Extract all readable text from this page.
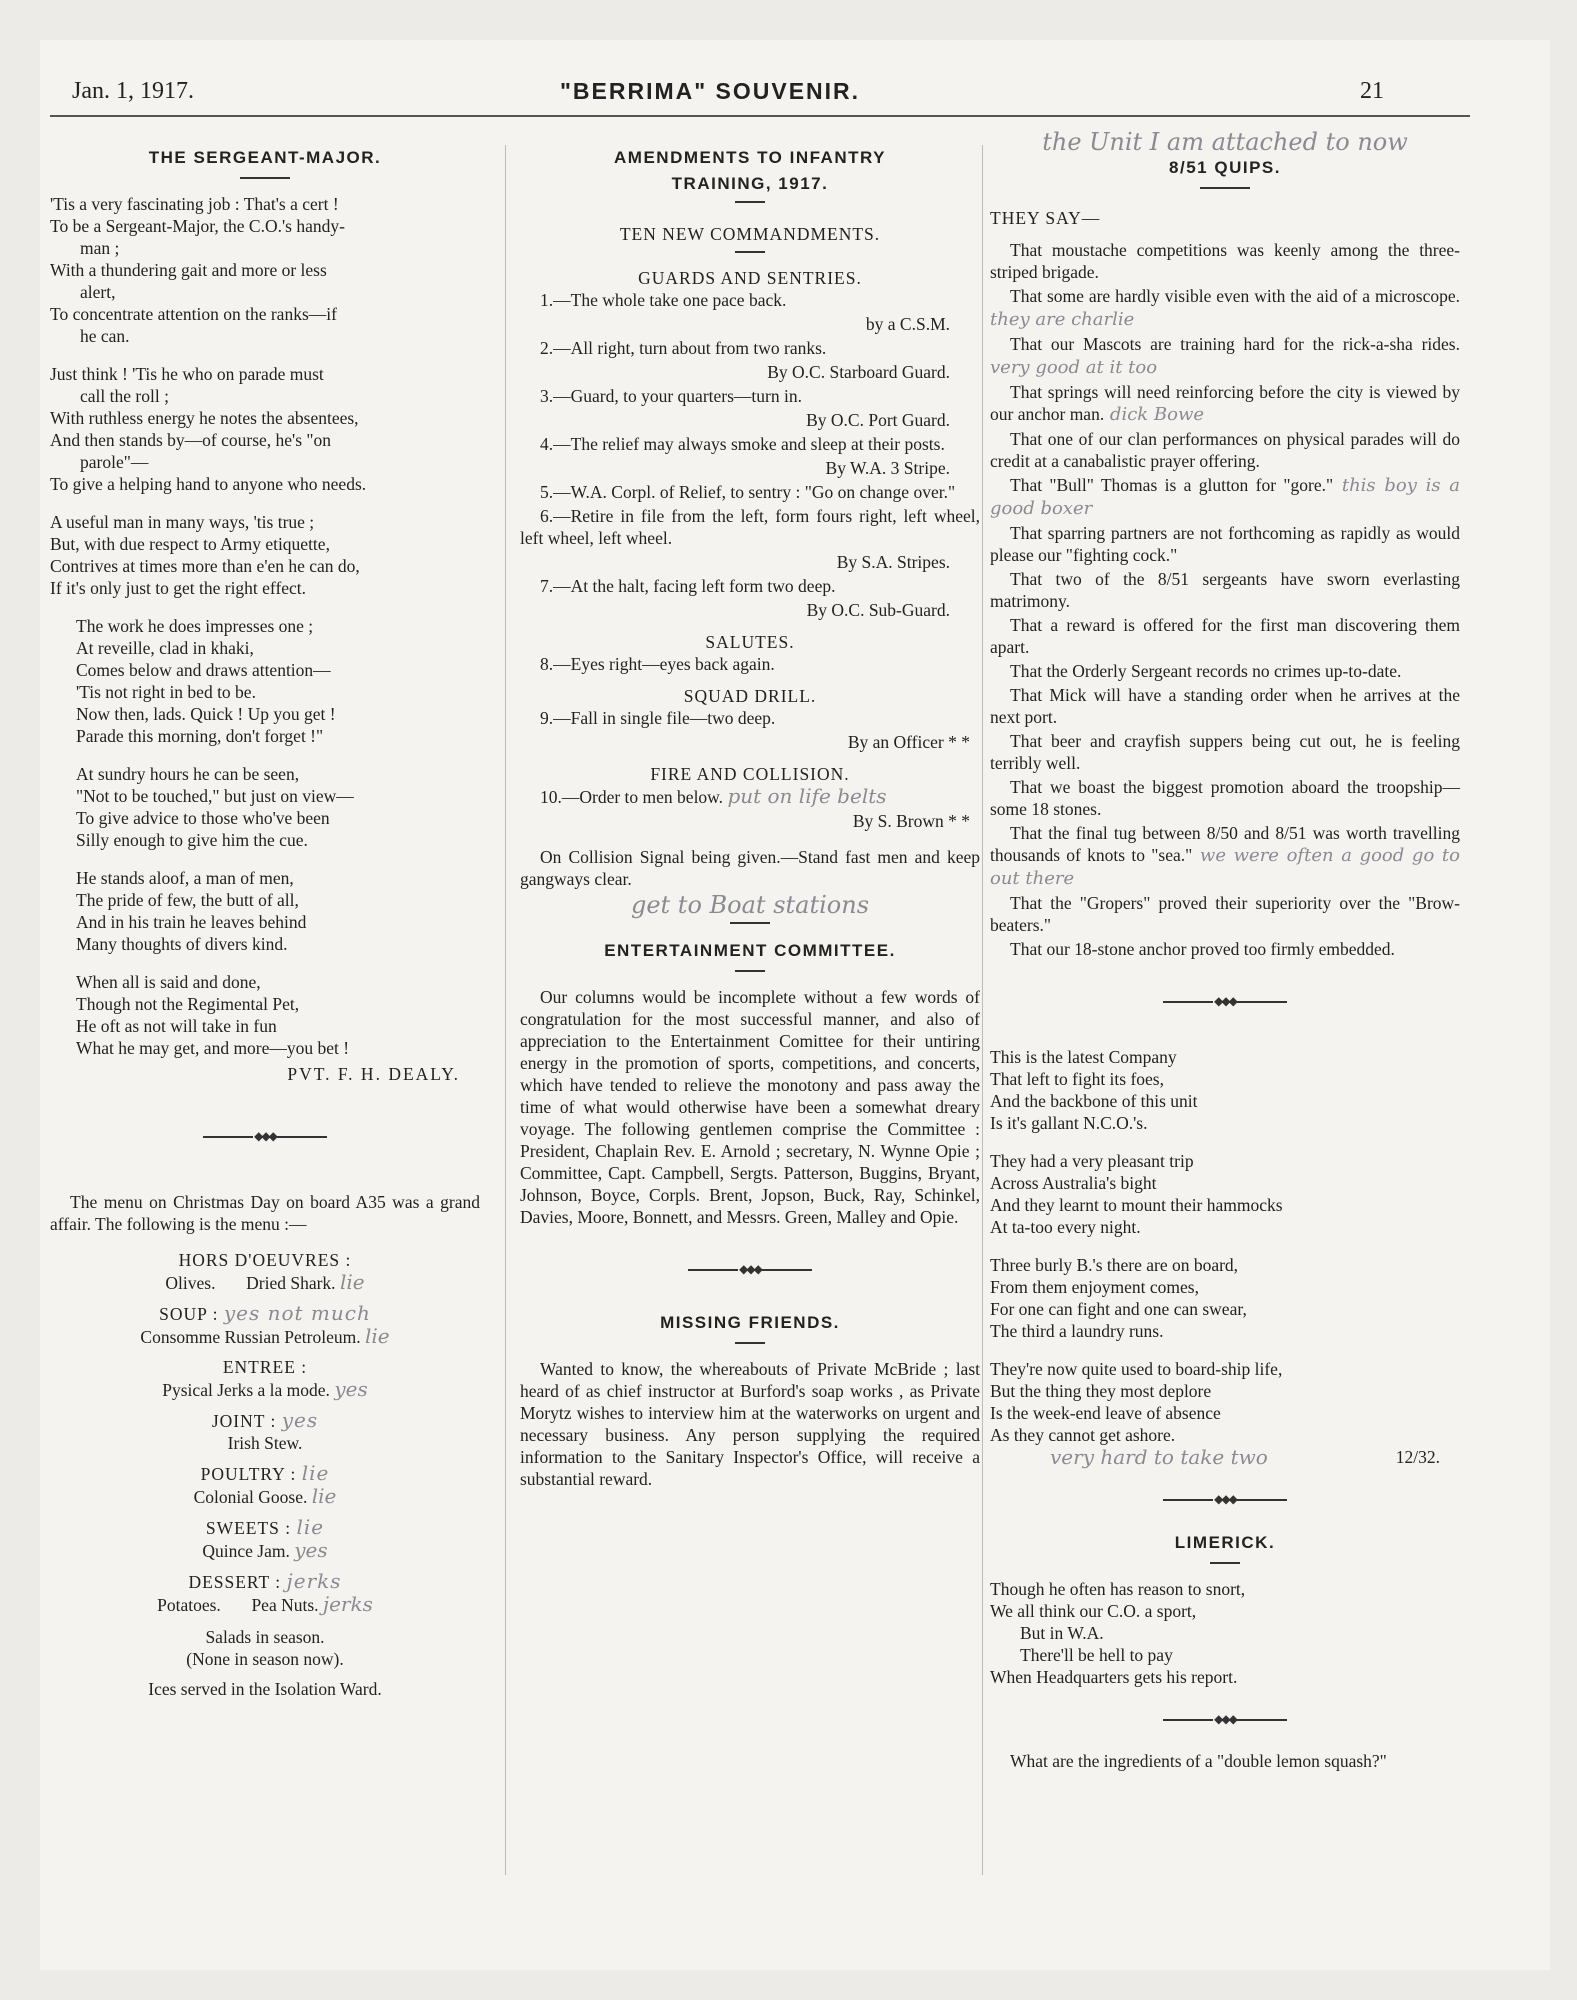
Jan. 1, 1917.	"BERRIMA" SOUVENIR.	21
THE SERGEANT-MAJOR.
'Tis a very fascinating job : That's a cert !
To be a Sergeant-Major, the C.O.'s handy-
man ;
With a thundering gait and more or less
alert,
To concentrate attention on the ranks—if
he can.
Just think ! 'Tis he who on parade must
call the roll ;
With ruthless energy he notes the absentees,
And then stands by—of course, he's "on
parole"—
To give a helping hand to anyone who needs.
A useful man in many ways, 'tis true ;
But, with due respect to Army etiquette,
Contrives at times more than e'en he can do,
If it's only just to get the right effect.
The work he does impresses one ;
At reveille, clad in khaki,
Comes below and draws attention—
'Tis not right in bed to be.
Now then, lads. Quick ! Up you get !
Parade this morning, don't forget !"
At sundry hours he can be seen,
"Not to be touched," but just on view—
To give advice to those who've been
Silly enough to give him the cue.
He stands aloof, a man of men,
The pride of few, the butt of all,
And in his train he leaves behind
Many thoughts of divers kind.
When all is said and done,
Though not the Regimental Pet,
He oft as not will take in fun
What he may get, and more—you bet !
PVT. F. H. DEALY.
◆◆◆

The menu on Christmas Day on board A35 was a grand affair. The following is the menu :—

HORS D'OEUVRES :
Olives. Dried Shark. lie
SOUP : yes not much
Consomme Russian Petroleum. lie
ENTREE :
Pysical Jerks a la mode. yes
JOINT : yes
Irish Stew.
POULTRY : lie
Colonial Goose. lie
SWEETS : lie
Quince Jam. yes
DESSERT : jerks
Potatoes. Pea Nuts. jerks
Salads in season.
(None in season now).
Ices served in the Isolation Ward.
AMENDMENTS TO INFANTRY
TRAINING, 1917.
TEN NEW COMMANDMENTS.
GUARDS AND SENTRIES.

1.—The whole take one pace back.

by a C.S.M.

2.—All right, turn about from two ranks.

By O.C. Starboard Guard.

3.—Guard, to your quarters—turn in.

By O.C. Port Guard.

4.—The relief may always smoke and sleep at their posts.

By W.A. 3 Stripe.

5.—W.A. Corpl. of Relief, to sentry : "Go on change over."

6.—Retire in file from the left, form fours right, left wheel, left wheel, left wheel.

By S.A. Stripes.

7.—At the halt, facing left form two deep.

By O.C. Sub-Guard.

SALUTES.

8.—Eyes right—eyes back again.

SQUAD DRILL.

9.—Fall in single file—two deep.

By an Officer * *

FIRE AND COLLISION.

10.—Order to men below. put on life belts

By S. Brown * *

On Collision Signal being given.—Stand fast men and keep gangways clear.

get to Boat stations
ENTERTAINMENT COMMITTEE.

Our columns would be incomplete without a few words of congratulation for the most successful manner, and also of appreciation to the Entertainment Comittee for their untiring energy in the promotion of sports, competitions, and concerts, which have tended to relieve the monotony and pass away the time of what would otherwise have been a somewhat dreary voyage. The following gentlemen comprise the Committee : President, Chaplain Rev. E. Arnold ; secretary, N. Wynne Opie ; Committee, Capt. Campbell, Sergts. Patterson, Buggins, Bryant, Johnson, Boyce, Corpls. Brent, Jopson, Buck, Ray, Schinkel, Davies, Moore, Bonnett, and Messrs. Green, Malley and Opie.

◆◆◆
MISSING FRIENDS.

Wanted to know, the whereabouts of Private McBride ; last heard of as chief instructor at Burford's soap works , as Private Morytz wishes to interview him at the waterworks on urgent and necessary business. Any person supplying the required information to the Sanitary Inspector's Office, will receive a substantial reward.

the Unit I am attached to now
8/51 QUIPS.
THEY SAY—

That moustache competitions was keenly among the three-striped brigade.

That some are hardly visible even with the aid of a microscope. they are charlie

That our Mascots are training hard for the rick-a-sha rides. very good at it too

That springs will need reinforcing before the city is viewed by our anchor man. dick Bowe

That one of our clan performances on physical parades will do credit at a canabalistic prayer offering.

That "Bull" Thomas is a glutton for "gore." this boy is a good boxer

That sparring partners are not forthcoming as rapidly as would please our "fighting cock."

That two of the 8/51 sergeants have sworn everlasting matrimony.

That a reward is offered for the first man discovering them apart.

That the Orderly Sergeant records no crimes up-to-date.

That Mick will have a standing order when he arrives at the next port.

That beer and crayfish suppers being cut out, he is feeling terribly well.

That we boast the biggest promotion aboard the troopship—some 18 stones.

That the final tug between 8/50 and 8/51 was worth travelling thousands of knots to "sea." we were often a good go to out there

That the "Gropers" proved their superiority over the "Brow-beaters."

That our 18-stone anchor proved too firmly embedded.

◆◆◆
This is the latest Company
That left to fight its foes,
And the backbone of this unit
Is it's gallant N.C.O.'s.
They had a very pleasant trip
Across Australia's bight
And they learnt to mount their hammocks
At ta-too every night.
Three burly B.'s there are on board,
From them enjoyment comes,
For one can fight and one can swear,
The third a laundry runs.
They're now quite used to board-ship life,
But the thing they most deplore
Is the week-end leave of absence
As they cannot get ashore.
very hard to take two	12/32.
◆◆◆
LIMERICK.
Though he often has reason to snort,
We all think our C.O. a sport,
But in W.A.
There'll be hell to pay
When Headquarters gets his report.
◆◆◆

What are the ingredients of a "double lemon squash?"
